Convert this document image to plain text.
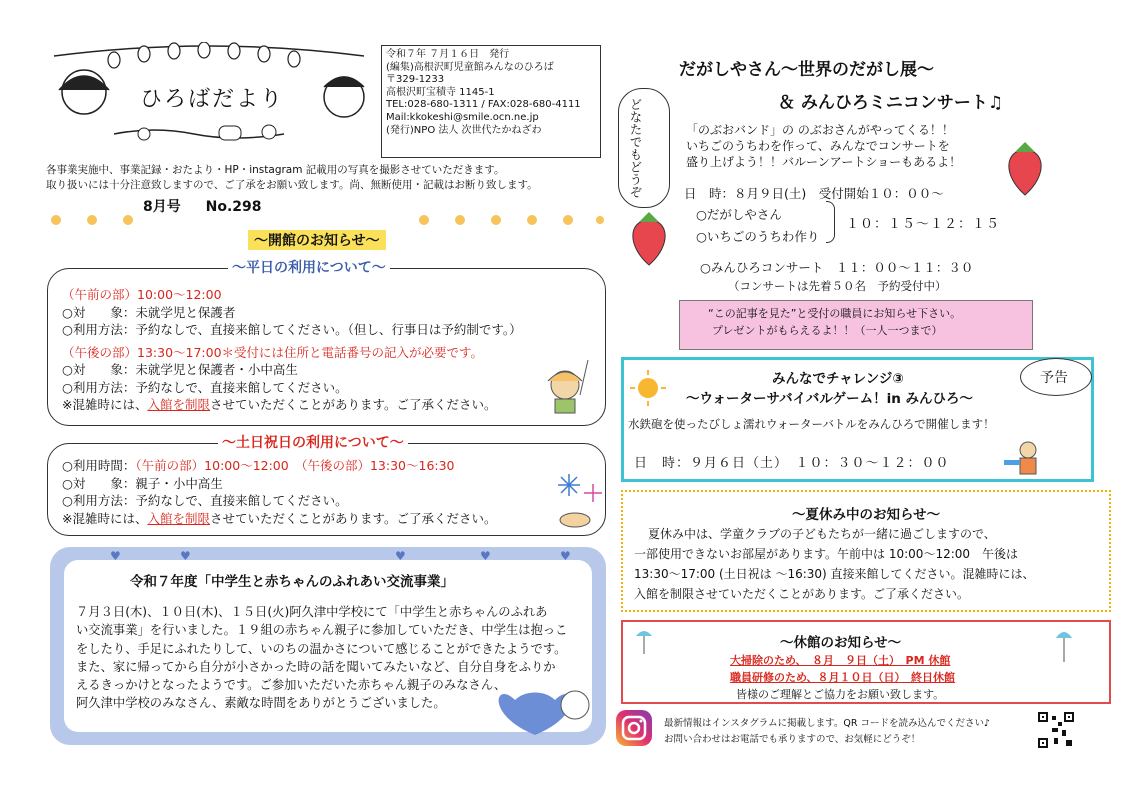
ひろばだより
令和７年 ７月１６日　発行
(編集)高根沢町児童館みんなのひろば
〒329-1233
高根沢町宝積寺 1145-1
TEL:028-680-1311 / FAX:028-680-4111
Mail:kkokeshi@smile.ocn.ne.jp
(発行)NPO 法人 次世代たかねざわ
各事業実施中、事業記録・おたより・HP・instagram 記載用の写真を撮影させていただきます。
取り扱いには十分注意致しますので、ご了承をお願い致します。尚、無断使用・記載はお断り致します。
8月号 No.298
～開館のお知らせ～
～平日の利用について～
（午前の部）10:00～12:00
○対　　象：未就学児と保護者
○利用方法：予約なしで、直接来館してください。（但し、行事日は予約制です。）
（午後の部）13:30～17:00＊受付には住所と電話番号の記入が必要です。
○対　　象：未就学児と保護者・小中高生
○利用方法：予約なしで、直接来館してください。
※混雑時には、入館を制限させていただくことがあります。ご了承ください。
～土日祝日の利用について～
○利用時間：（午前の部）10:00～12:00　（午後の部）13:30～16:30
○対　　象：親子・小中高生
○利用方法：予約なしで、直接来館してください。
※混雑時には、入館を制限させていただくことがあります。ご了承ください。
♥	♥	♥	♥	♥
令和７年度「中学生と赤ちゃんのふれあい交流事業」
７月３日(木)、１０日(木)、１５日(火)阿久津中学校にて「中学生と赤ちゃんのふれあ
い交流事業」を行いました。１９組の赤ちゃん親子に参加していただき、中学生は抱っこ
をしたり、手足にふれたりして、いのちの温かさについて感じることができたようです。
また、家に帰ってから自分が小さかった時の話を聞いてみたいなど、自分自身をふりか
えるきっかけとなったようです。ご参加いただいた赤ちゃん親子のみなさん、
阿久津中学校のみなさん、素敵な時間をありがとうございました。
だがしやさん～世界のだがし展～
＆ みんひろミニコンサート♫
どなたでもどうぞ	「のぶおバンド」の のぶおさんがやってくる！！
いちごのうちわを作って、みんなでコンサートを
盛り上げよう！！バルーンアートショーもあるよ！
日　時：８月９日(土)　受付開始１０：００～
○だがしやさん
○いちごのうちわ作り
１０：１５～１２：１５
○みんひろコンサート　１１：００～１１：３０
（コンサートは先着５０名　予約受付中）
“この記事を見た”と受付の職員にお知らせ下さい。
プレゼントがもらえるよ！！（一人一つまで）
予告
みんなでチャレンジ③
～ウォーターサバイバルゲーム！in みんひろ～
水鉄砲を使ったびしょ濡れウォーターバトルをみんひろで開催します！
日　時：９月６日（土）　１０：３０～１２：００
～夏休み中のお知らせ～
夏休み中は、学童クラブの子どもたちが一緒に過ごしますので、
一部使用できないお部屋があります。午前中は 10:00～12:00　午後は
13:30～17:00 (土日祝は ～16:30) 直接来館してください。混雑時には、
入館を制限させていただくことがあります。ご了承ください。
～休館のお知らせ～
大掃除のため、　８月　９日（土）　PM 休館
職員研修のため、８月１０日（日）　終日休館
皆様のご理解とご協力をお願い致します。
最新情報はインスタグラムに掲載します。QR コードを読み込んでください♪
お問い合わせはお電話でも承りますので、お気軽にどうぞ！
